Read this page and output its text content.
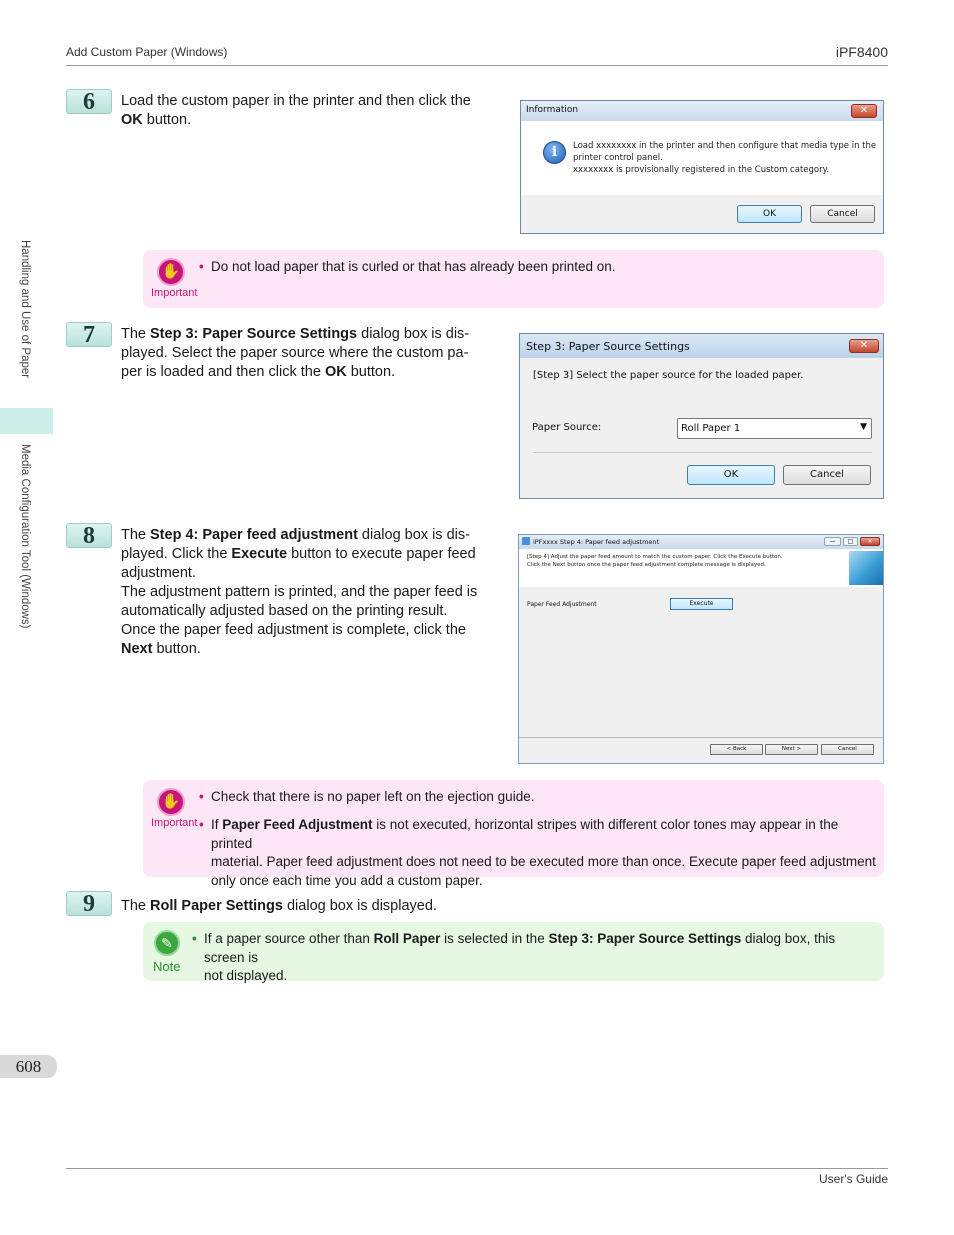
Add Custom Paper (Windows)	iPF8400
Handling and Use of Paper
Media Configuration Tool (Windows)
6	Load the custom paper in the printer and then click the
OK button.
Information	✕
i	Load xxxxxxxx in the printer and then configure that media type in the
printer control panel.
xxxxxxxx is provisionally registered in the Custom category.
OK	Cancel
✋
Important
• Do not load paper that is curled or that has already been printed on.
7	The Step 3: Paper Source Settings dialog box is dis-
played. Select the paper source where the custom pa-
per is loaded and then click the OK button.
Step 3: Paper Source Settings	✕
[Step 3] Select the paper source for the loaded paper.
Paper Source:	Roll Paper 1	▼
OK	Cancel
8	The Step 4: Paper feed adjustment dialog box is dis-
played. Click the Execute button to execute paper feed
adjustment.
The adjustment pattern is printed, and the paper feed is
automatically adjusted based on the printing result.
Once the paper feed adjustment is complete, click the
Next button.
iPFxxxx Step 4: Paper feed adjustment	—	□	✕
[Step 4] Adjust the paper feed amount to match the custom paper. Click the Execute button.
Click the Next button once the paper feed adjustment complete message is displayed.
Paper Feed Adjustment	Execute
< Back	Next >	Cancel
✋
Important
• Check that there is no paper left on the ejection guide.
• If Paper Feed Adjustment is not executed, horizontal stripes with different color tones may appear in the printed
material. Paper feed adjustment does not need to be executed more than once. Execute paper feed adjustment
only once each time you add a custom paper.
9	The Roll Paper Settings dialog box is displayed.
✎
Note
• If a paper source other than Roll Paper is selected in the Step 3: Paper Source Settings dialog box, this screen is
not displayed.
608
User's Guide
